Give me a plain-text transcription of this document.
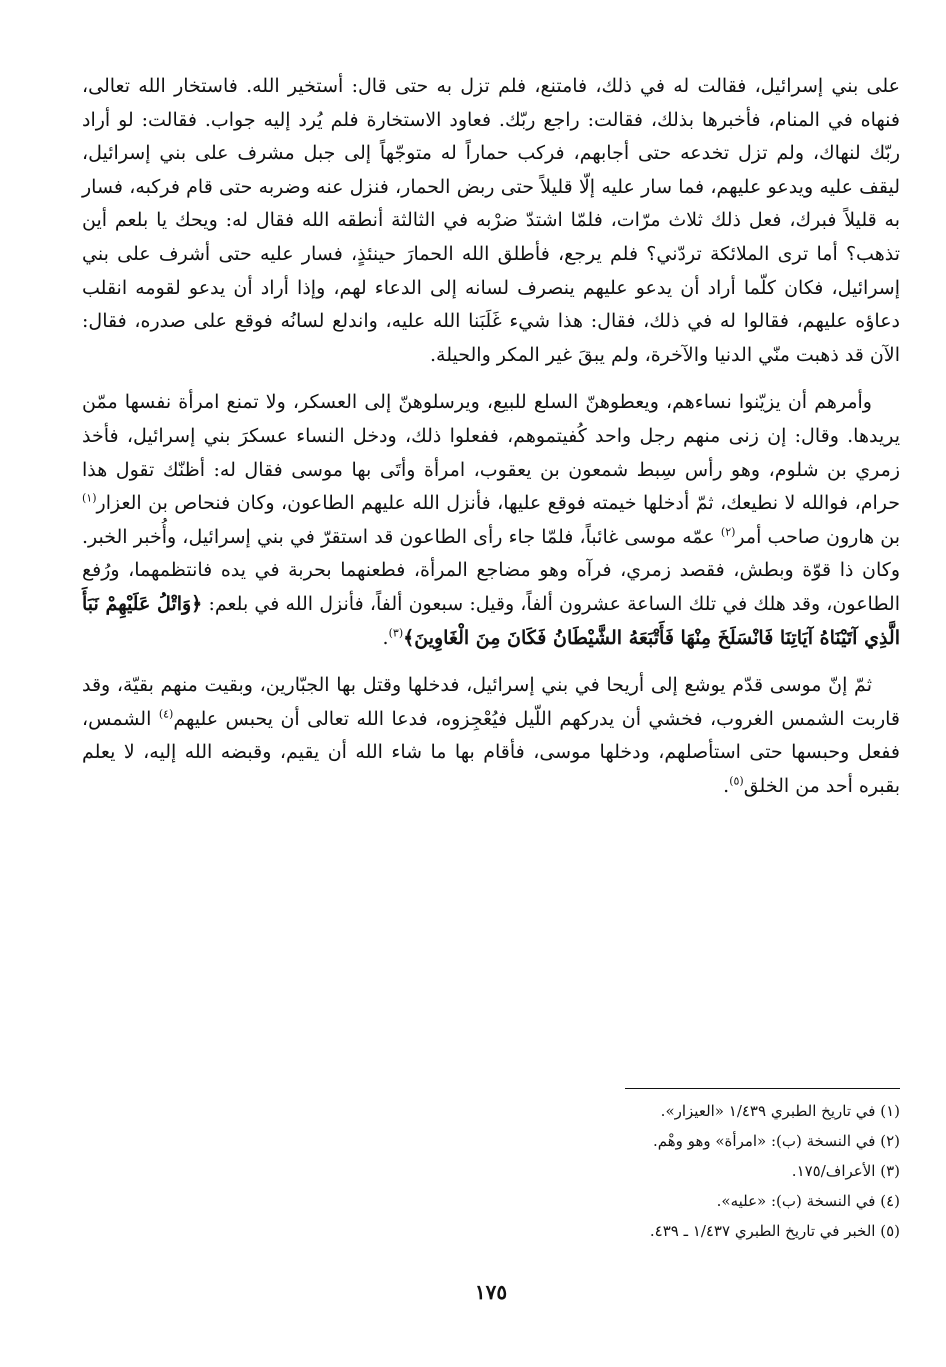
على بني إسرائيل، فقالت له في ذلك، فامتنع، فلم تزل به حتى قال: أستخير الله. فاستخار الله تعالى، فنهاه في المنام، فأخبرها بذلك، فقالت: راجع ربّك. فعاود الاستخارة فلم يُرد إليه جواب. فقالت: لو أراد ربّك لنهاك، ولم تزل تخدعه حتى أجابهم، فركب حماراً له متوجّهاً إلى جبل مشرف على بني إسرائيل، ليقف عليه ويدعو عليهم، فما سار عليه إلّا قليلاً حتى ربض الحمار، فنزل عنه وضربه حتى قام فركبه، فسار به قليلاً فبرك، فعل ذلك ثلاث مرّات، فلمّا اشتدّ ضرْبه في الثالثة أنطقه الله فقال له: ويحك يا بلعم أين تذهب؟ أما ترى الملائكة تردّني؟ فلم يرجع، فأطلق الله الحمارَ حينئذٍ، فسار عليه حتى أشرف على بني إسرائيل، فكان كلّما أراد أن يدعو عليهم ينصرف لسانه إلى الدعاء لهم، وإذا أراد أن يدعو لقومه انقلب دعاؤه عليهم، فقالوا له في ذلك، فقال: هذا شيء غَلَبَنا الله عليه، واندلع لسانُه فوقع على صدره، فقال: الآن قد ذهبت منّي الدنيا والآخرة، ولم يبقَ غير المكر والحيلة.

وأمرهم أن يزيّنوا نساءهم، ويعطوهنّ السلع للبيع، ويرسلوهنّ إلى العسكر، ولا تمنع امرأة نفسها ممّن يريدها. وقال: إن زنى منهم رجل واحد كُفيتموهم، ففعلوا ذلك، ودخل النساء عسكرَ بني إسرائيل، فأخذ زمري بن شلوم، وهو رأس سِبط شمعون بن يعقوب، امرأة وأتَى بها موسى فقال له: أظنّك تقول هذا حرام، فوالله لا نطيعك، ثمّ أدخلها خيمته فوقع عليها، فأنزل الله عليهم الطاعون، وكان فنحاص بن العزار$^{(١)}$ بن هارون صاحب أمر$^{(٢)}$ عمّه موسى غائباً، فلمّا جاء رأى الطاعون قد استقرّ في بني إسرائيل، وأُخبر الخبر. وكان ذا قوّة وبطش، فقصد زمري، فرآه وهو مضاجع المرأة، فطعنهما بحربة في يده فانتظمهما، ورُفع الطاعون، وقد هلك في تلك الساعة عشرون ألفاً، وقيل: سبعون ألفاً، فأنزل الله في بلعم: ﴿وَاتْلُ عَلَيْهِمْ نَبَأَ الَّذِي آتَيْنَاهُ آيَاتِنَا فَانْسَلَخَ مِنْهَا فَأَتْبَعَهُ الشَّيْطَانُ فَكَانَ مِنَ الْغَاوِينَ﴾$^{(٣)}$.

ثمّ إنّ موسى قدّم يوشع إلى أريحا في بني إسرائيل، فدخلها وقتل بها الجبّارين، وبقيت منهم بقيّة، وقد قاربت الشمس الغروب، فخشي أن يدركهم اللّيل فيُعْجِزوه، فدعا الله تعالى أن يحبس عليهم$^{(٤)}$ الشمس، ففعل وحبسها حتى استأصلهم، ودخلها موسى، فأقام بها ما شاء الله أن يقيم، وقبضه الله إليه، لا يعلم بقبره أحد من الخلق$^{(٥)}$.

(١) في تاريخ الطبري ١/٤٣٩ «العيزار».
(٢) في النسخة (ب): «امرأة» وهو وهْم.
(٣) الأعراف/١٧٥.
(٤) في النسخة (ب): «عليه».
(٥) الخبر في تاريخ الطبري ١/٤٣٧ ـ ٤٣٩.
١٧٥
